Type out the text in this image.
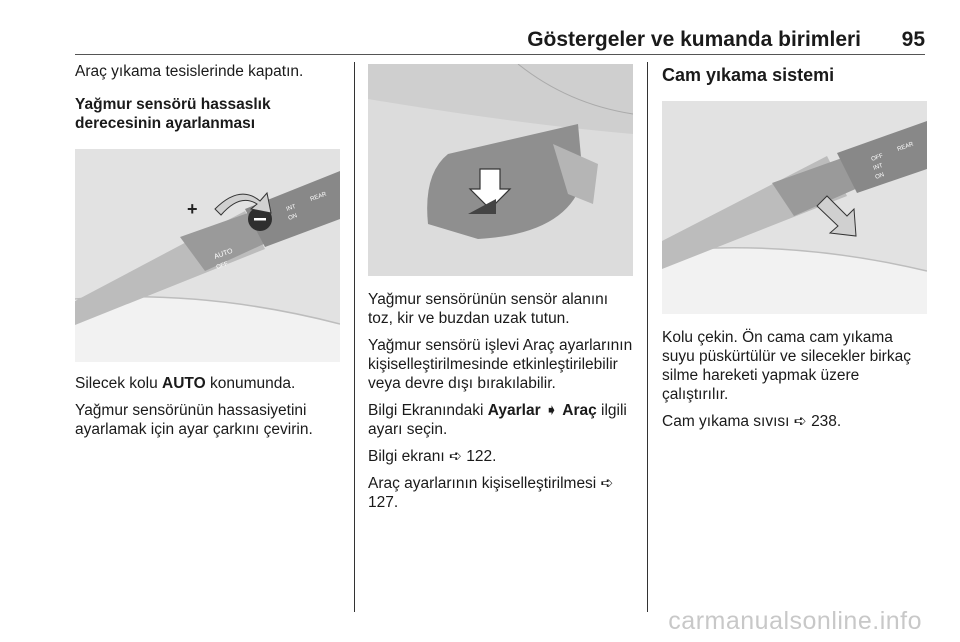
Göstergeler ve kumanda birimleri 95

Araç yıkama tesislerinde kapatın.

Yağmur sensörü hassaslık derecesinin ayarlanması
+
AUTO
OFF
INT
ON
REAR

Silecek kolu AUTO konumunda.

Yağmur sensörünün hassasiyetini ayarlamak için ayar çarkını çevirin.

Yağmur sensörünün sensör alanını toz, kir ve buzdan uzak tutun.

Yağmur sensörü işlevi Araç ayarlarının kişiselleştirilmesinde etkinleştirilebilir veya devre dışı bırakılabilir.

Bilgi Ekranındaki Ayarlar ➧ Araç ilgili ayarı seçin.

Bilgi ekranı ➪ 122.

Araç ayarlarının kişiselleştirilmesi ➪ 127.

Cam yıkama sistemi
OFF
INT
ON
REAR

Kolu çekin. Ön cama cam yıkama suyu püskürtülür ve silecekler birkaç silme hareketi yapmak üzere çalıştırılır.

Cam yıkama sıvısı ➪ 238.

carmanualsonline.info
